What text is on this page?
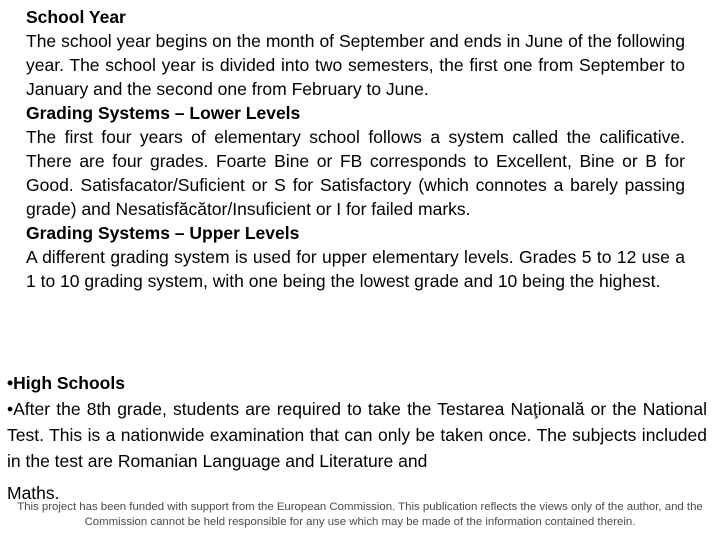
School Year

The school year begins on the month of September and ends in June of the following year. The school year is divided into two semesters, the first one from September to January and the second one from February to June.

Grading Systems – Lower Levels

The first four years of elementary school follows a system called the calificative. There are four grades. Foarte Bine or FB corresponds to Excellent, Bine or B for Good. Satisfacator/Suficient or S for Satisfactory (which connotes a barely passing grade) and Nesatisfăcător/Insuficient or I for failed marks.

Grading Systems – Upper Levels

A different grading system is used for upper elementary levels. Grades 5 to 12 use a 1 to 10 grading system, with one being the lowest grade and 10 being the highest.

•High Schools

•After the 8th grade, students are required to take the Testarea Naţională or the National Test. This is a nationwide examination that can only be taken once. The subjects included in the test are Romanian Language and Literature and

Maths.

This project has been funded with support from the European Commission. This publication reflects the views only of the author, and the Commission cannot be held responsible for any use which may be made of the information contained therein.
